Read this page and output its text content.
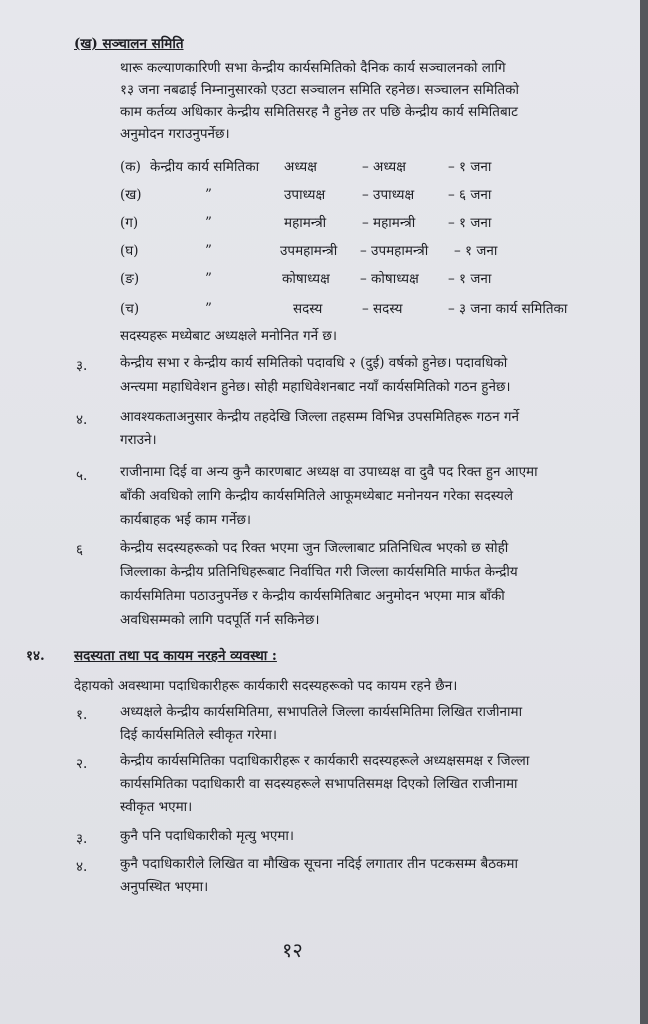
(ख) सञ्चालन समिति
थारू कल्याणकारिणी सभा केन्द्रीय कार्यसमितिको दैनिक कार्य सञ्चालनको लागि
१३ जना नबढाई निम्नानुसारको एउटा सञ्चालन समिति रहनेछ। सञ्चालन समितिको
काम कर्तव्य अधिकार केन्द्रीय समितिसरह नै हुनेछ तर पछि केन्द्रीय कार्य समितिबाट
अनुमोदन गराउनुपर्नेछ।
(क) केन्द्रीय कार्य समितिका अध्यक्ष	– अध्यक्ष	– १ जना
(ख)	”	उपाध्यक्ष	– उपाध्यक्ष	– ६ जना
(ग)	”	महामन्त्री	– महामन्त्री – १ जना
(घ)	”	उपमहामन्त्री – उपमहामन्त्री – १ जना
(ङ)	”	कोषाध्यक्ष – कोषाध्यक्ष – १ जना
(च)	”	सदस्य	– सदस्य	– ३ जना कार्य समितिका
सदस्यहरू मध्येबाट अध्यक्षले मनोनित गर्ने छ।
३. केन्द्रीय सभा र केन्द्रीय कार्य समितिको पदावधि २ (दुई) वर्षको हुनेछ। पदावधिको
अन्त्यमा महाधिवेशन हुनेछ। सोही महाधिवेशनबाट नयाँ कार्यसमितिको गठन हुनेछ।
४. आवश्यकताअनुसार केन्द्रीय तहदेखि जिल्ला तहसम्म विभिन्न उपसमितिहरू गठन गर्ने
गराउने।
५. राजीनामा दिई वा अन्य कुनै कारणबाट अध्यक्ष वा उपाध्यक्ष वा दुवै पद रिक्त हुन आएमा
बाँकी अवधिको लागि केन्द्रीय कार्यसमितिले आफूमध्येबाट मनोनयन गरेका सदस्यले
कार्यबाहक भई काम गर्नेछ।
६	केन्द्रीय सदस्यहरूको पद रिक्त भएमा जुन जिल्लाबाट प्रतिनिधित्व भएको छ सोही
जिल्लाका केन्द्रीय प्रतिनिधिहरूबाट निर्वाचित गरी जिल्ला कार्यसमिति मार्फत केन्द्रीय
कार्यसमितिमा पठाउनुपर्नेछ र केन्द्रीय कार्यसमितिबाट अनुमोदन भएमा मात्र बाँकी
अवधिसम्मको लागि पदपूर्ति गर्न सकिनेछ।
१४. सदस्यता तथा पद कायम नरहने व्यवस्था :
देहायको अवस्थामा पदाधिकारीहरू कार्यकारी सदस्यहरूको पद कायम रहने छैन।
१. अध्यक्षले केन्द्रीय कार्यसमितिमा, सभापतिले जिल्ला कार्यसमितिमा लिखित राजीनामा
दिई कार्यसमितिले स्वीकृत गरेमा।
२. केन्द्रीय कार्यसमितिका पदाधिकारीहरू र कार्यकारी सदस्यहरूले अध्यक्षसमक्ष र जिल्ला
कार्यसमितिका पदाधिकारी वा सदस्यहरूले सभापतिसमक्ष दिएको लिखित राजीनामा
स्वीकृत भएमा।
३. कुनै पनि पदाधिकारीको मृत्यु भएमा।
४. कुनै पदाधिकारीले लिखित वा मौखिक सूचना नदिई लगातार तीन पटकसम्म बैठकमा
अनुपस्थित भएमा।
१२
